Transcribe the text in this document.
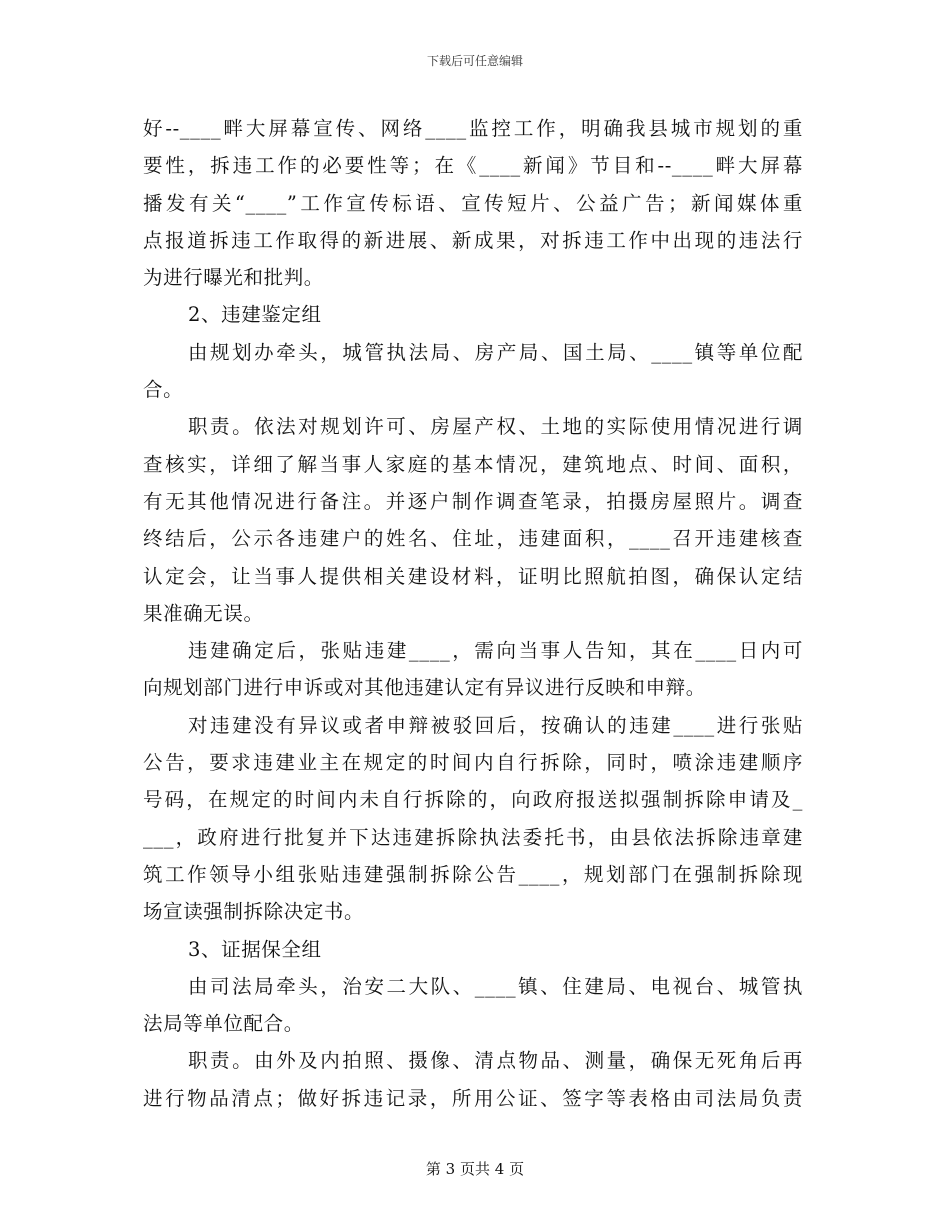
下载后可任意编辑
好--____畔大屏幕宣传、网络____监控工作，明确我县城市规划的重
要性，拆违工作的必要性等；在《____新闻》节目和--____畔大屏幕
播发有关“____”工作宣传标语、宣传短片、公益广告；新闻媒体重
点报道拆违工作取得的新进展、新成果，对拆违工作中出现的违法行
为进行曝光和批判。
2、违建鉴定组
由规划办牵头，城管执法局、房产局、国土局、____镇等单位配
合。
职责。依法对规划许可、房屋产权、土地的实际使用情况进行调
查核实，详细了解当事人家庭的基本情况，建筑地点、时间、面积，
有无其他情况进行备注。并逐户制作调查笔录，拍摄房屋照片。调查
终结后，公示各违建户的姓名、住址，违建面积，____召开违建核查
认定会，让当事人提供相关建设材料，证明比照航拍图，确保认定结
果准确无误。
违建确定后，张贴违建____，需向当事人告知，其在____日内可
向规划部门进行申诉或对其他违建认定有异议进行反映和申辩。
对违建没有异议或者申辩被驳回后，按确认的违建____进行张贴
公告，要求违建业主在规定的时间内自行拆除，同时，喷涂违建顺序
号码，在规定的时间内未自行拆除的，向政府报送拟强制拆除申请及_
___，政府进行批复并下达违建拆除执法委托书，由县依法拆除违章建
筑工作领导小组张贴违建强制拆除公告____，规划部门在强制拆除现
场宣读强制拆除决定书。
3、证据保全组
由司法局牵头，治安二大队、____镇、住建局、电视台、城管执
法局等单位配合。
职责。由外及内拍照、摄像、清点物品、测量，确保无死角后再
进行物品清点；做好拆违记录，所用公证、签字等表格由司法局负责
第 3 页共 4 页
